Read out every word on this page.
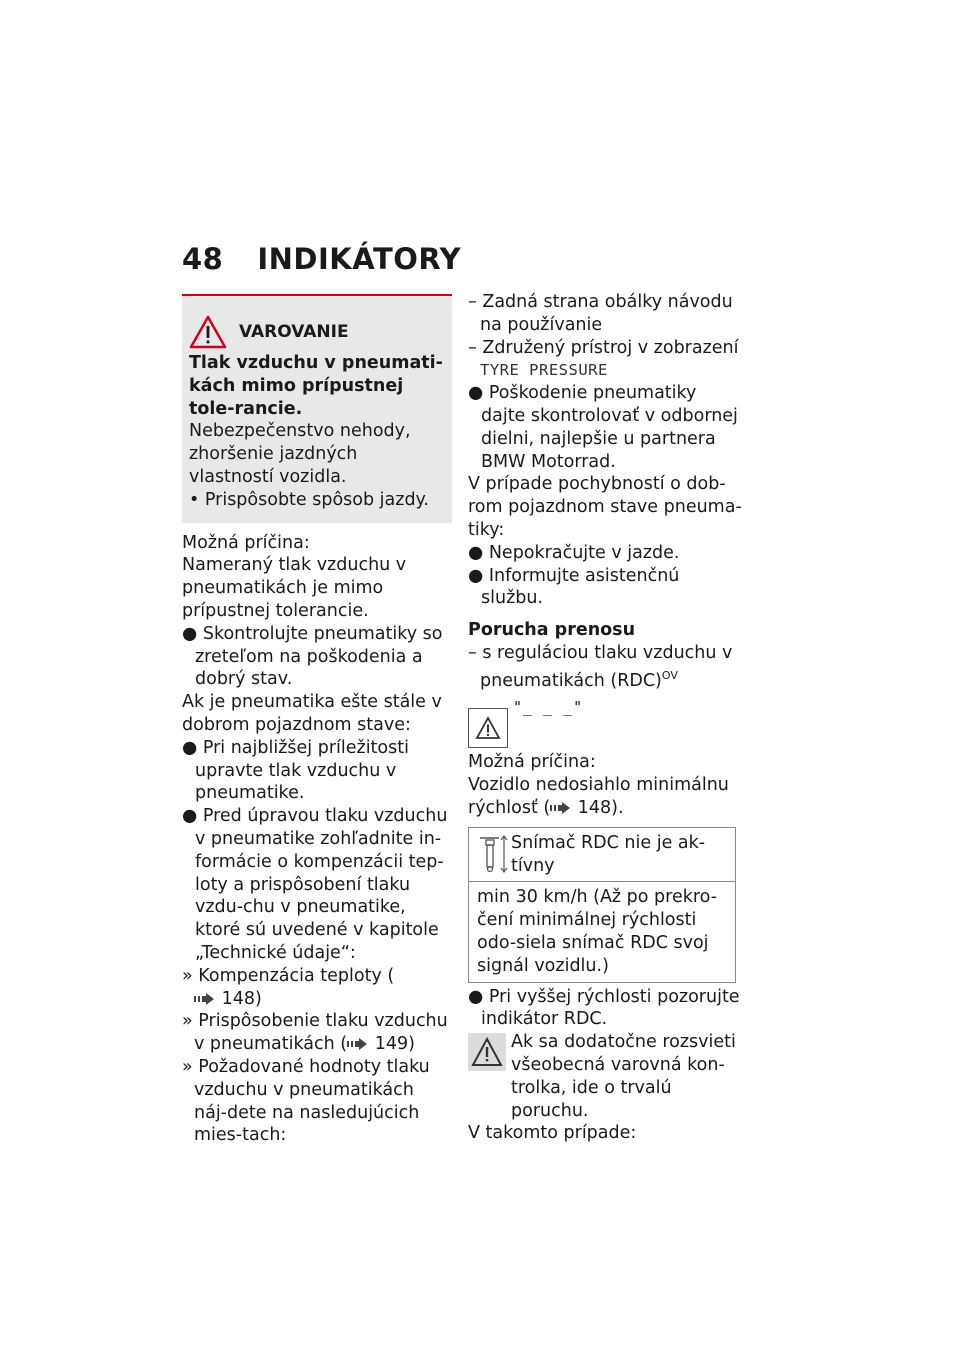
48 INDIKÁTORY
VAROVANIE

Tlak vzduchu v pneumati-kách mimo prípustnej tole-rancie.

Nebezpečenstvo nehody, zhoršenie jazdných vlastností vozidla.

• Prispôsobte spôsob jazdy.

Možná príčina:

Nameraný tlak vzduchu v pneumatikách je mimo prípustnej tolerancie.

● Skontrolujte pneumatiky so zreteľom na poškodenia a dobrý stav.

Ak je pneumatika ešte stále v dobrom pojazdnom stave:

● Pri najbližšej príležitosti upravte tlak vzduchu v pneumatike.

● Pred úpravou tlaku vzduchu v pneumatike zohľadnite in-formácie o kompenzácii tep-loty a prispôsobení tlaku vzdu-chu v pneumatike, ktoré sú uvedené v kapitole „Technické údaje“:

» Kompenzácia teploty ( 148)

» Prispôsobenie tlaku vzduchu v pneumatikách ( 149)

» Požadované hodnoty tlaku vzduchu v pneumatikách náj-dete na nasledujúcich mies-tach:

– Zadná strana obálky návodu na používanie

– Združený prístroj v zobrazení

TYRE PRESSURE

● Poškodenie pneumatiky dajte skontrolovať v odbornej dielni, najlepšie u partnera BMW Motorrad.

V prípade pochybností o dob-rom pojazdnom stave pneuma-tiky:

● Nepokračujte v jazde.

● Informujte asistenčnú službu.

Porucha prenosu

– s reguláciou tlaku vzduchu v pneumatikách (RDC)$^{OV}$

"_ _ _"

Možná príčina:

Vozidlo nedosiahlo minimálnu rýchlosť ( 148).

Snímač RDC nie je ak-tívny

min 30 km/h (Až po prekro-čení minimálnej rýchlosti odo-siela snímač RDC svoj signál vozidlu.)

● Pri vyššej rýchlosti pozorujte indikátor RDC.

Ak sa dodatočne rozsvieti všeobecná varovná kon-trolka, ide o trvalú poruchu.

V takomto prípade:
